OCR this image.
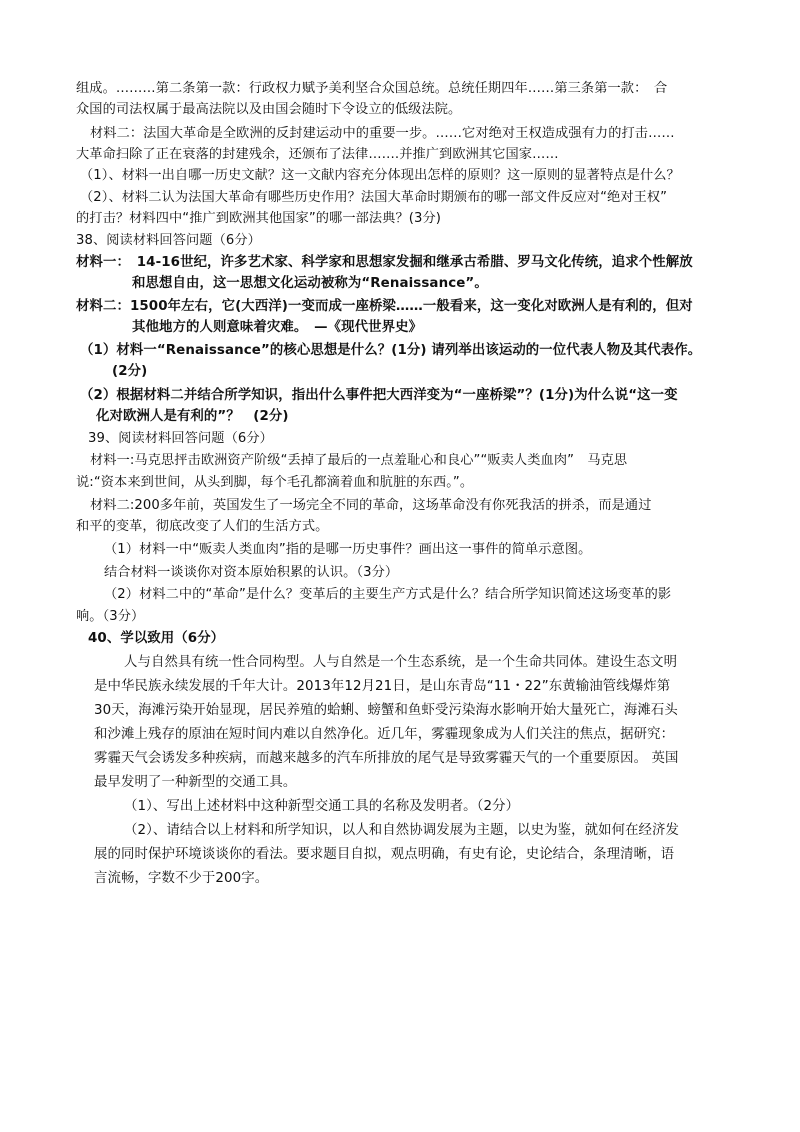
组成。………第二条第一款：行政权力赋予美利坚合众国总统。总统任期四年……第三条第一款：　合
众国的司法权属于最高法院以及由国会随时下令设立的低级法院。
材料二：法国大革命是全欧洲的反封建运动中的重要一步。……它对绝对王权造成强有力的打击……
大革命扫除了正在衰落的封建残余，还颁布了法律…….并推广到欧洲其它国家……
（1）、材料一出自哪一历史文献？这一文献内容充分体现出怎样的原则？这一原则的显著特点是什么？
（2）、材料二认为法国大革命有哪些历史作用？法国大革命时期颁布的哪一部文件反应对“绝对王权”
的打击？材料四中“推广到欧洲其他国家”的哪一部法典？(3分)
38、阅读材料回答问题（6分）
材料一：　14-16世纪，许多艺术家、科学家和思想家发掘和继承古希腊、罗马文化传统，追求个性解放
和思想自由，这一思想文化运动被称为“Renaissance”。
材料二：1500年左右，它(大西洋)一变而成一座桥梁……一般看来，这一变化对欧洲人是有利的，但对
其他地方的人则意味着灾难。　—《现代世界史》
（1）材料一“Renaissance”的核心思想是什么？(1分) 请列举出该运动的一位代表人物及其代表作。
(2分)
（2）根据材料二并结合所学知识，指出什么事件把大西洋变为“一座桥梁”？(1分)为什么说“这一变
化对欧洲人是有利的”？　(2分)
39、阅读材料回答问题（6分）
材料一:马克思抨击欧洲资产阶级“丢掉了最后的一点羞耻心和良心”“贩卖人类血肉”　马克思
说:“资本来到世间，从头到脚，每个毛孔都滴着血和肮脏的东西。”。
材料二:200多年前，英国发生了一场完全不同的革命，这场革命没有你死我活的拼杀，而是通过
和平的变革，彻底改变了人们的生活方式。
（1）材料一中“贩卖人类血肉”指的是哪一历史事件？画出这一事件的简单示意图。
结合材料一谈谈你对资本原始积累的认识。（3分）
（2）材料二中的“革命”是什么？变革后的主要生产方式是什么？结合所学知识简述这场变革的影
响。（3分）
40、学以致用（6分）
人与自然具有统一性合同构型。人与自然是一个生态系统，是一个生命共同体。建设生态文明
是中华民族永续发展的千年大计。2013年12月21日，是山东青岛“11・22”东黄输油管线爆炸第
30天，海滩污染开始显现，居民养殖的蛤蜊、螃蟹和鱼虾受污染海水影响开始大量死亡，海滩石头
和沙滩上残存的原油在短时间内难以自然净化。近几年，雾霾现象成为人们关注的焦点，据研究：
雾霾天气会诱发多种疾病，而越来越多的汽车所排放的尾气是导致雾霾天气的一个重要原因。 英国
最早发明了一种新型的交通工具。
（1）、写出上述材料中这种新型交通工具的名称及发明者。（2分）
（2）、请结合以上材料和所学知识，以人和自然协调发展为主题，以史为鉴，就如何在经济发
展的同时保护环境谈谈你的看法。要求题目自拟，观点明确，有史有论，史论结合，条理清晰，语
言流畅，字数不少于200字。
